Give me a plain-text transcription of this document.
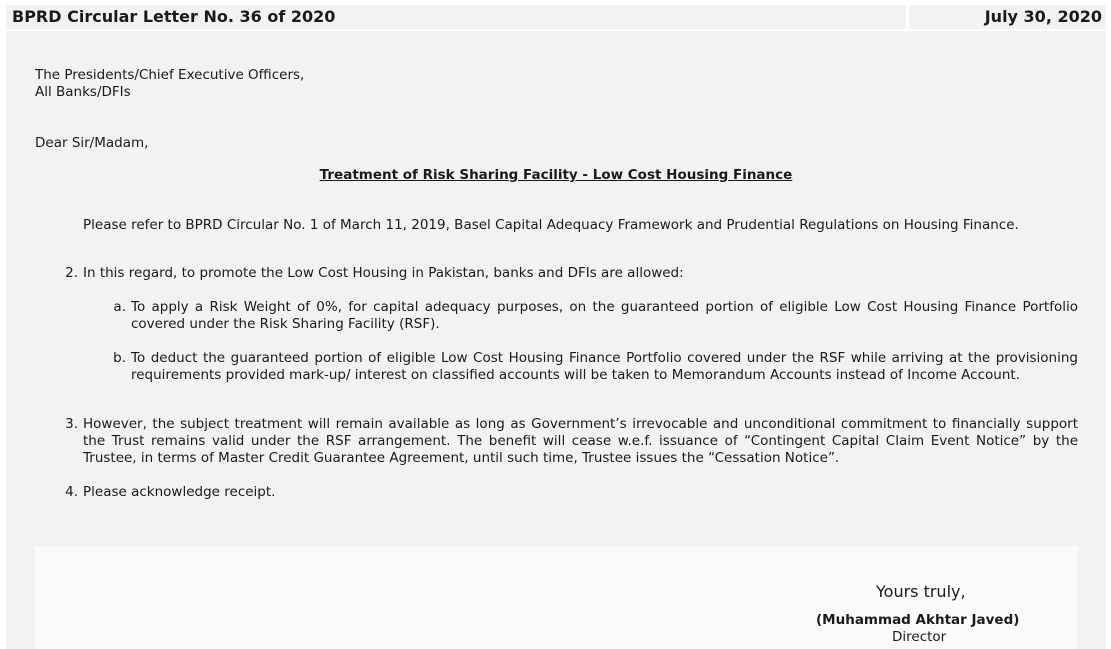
BPRD Circular Letter No. 36 of 2020	July 30, 2020

The Presidents/Chief Executive Officers,

All Banks/DFIs

Dear Sir/Madam,

Treatment of Risk Sharing Facility - Low Cost Housing Finance

Please refer to BPRD Circular No. 1 of March 11, 2019, Basel Capital Adequacy Framework and Prudential Regulations on Housing Finance.

2. In this regard, to promote the Low Cost Housing in Pakistan, banks and DFIs are allowed:

a. To apply a Risk Weight of 0%, for capital adequacy purposes, on the guaranteed portion of eligible Low Cost Housing Finance Portfolio covered under the Risk Sharing Facility (RSF).

b. To deduct the guaranteed portion of eligible Low Cost Housing Finance Portfolio covered under the RSF while arriving at the provisioning requirements provided mark-up/ interest on classified accounts will be taken to Memorandum Accounts instead of Income Account.

3. However, the subject treatment will remain available as long as Government’s irrevocable and unconditional commitment to financially support the Trust remains valid under the RSF arrangement. The benefit will cease w.e.f. issuance of “Contingent Capital Claim Event Notice” by the Trustee, in terms of Master Credit Guarantee Agreement, until such time, Trustee issues the “Cessation Notice”.

4. Please acknowledge receipt.

Yours truly,
(Muhammad Akhtar Javed)
Director
